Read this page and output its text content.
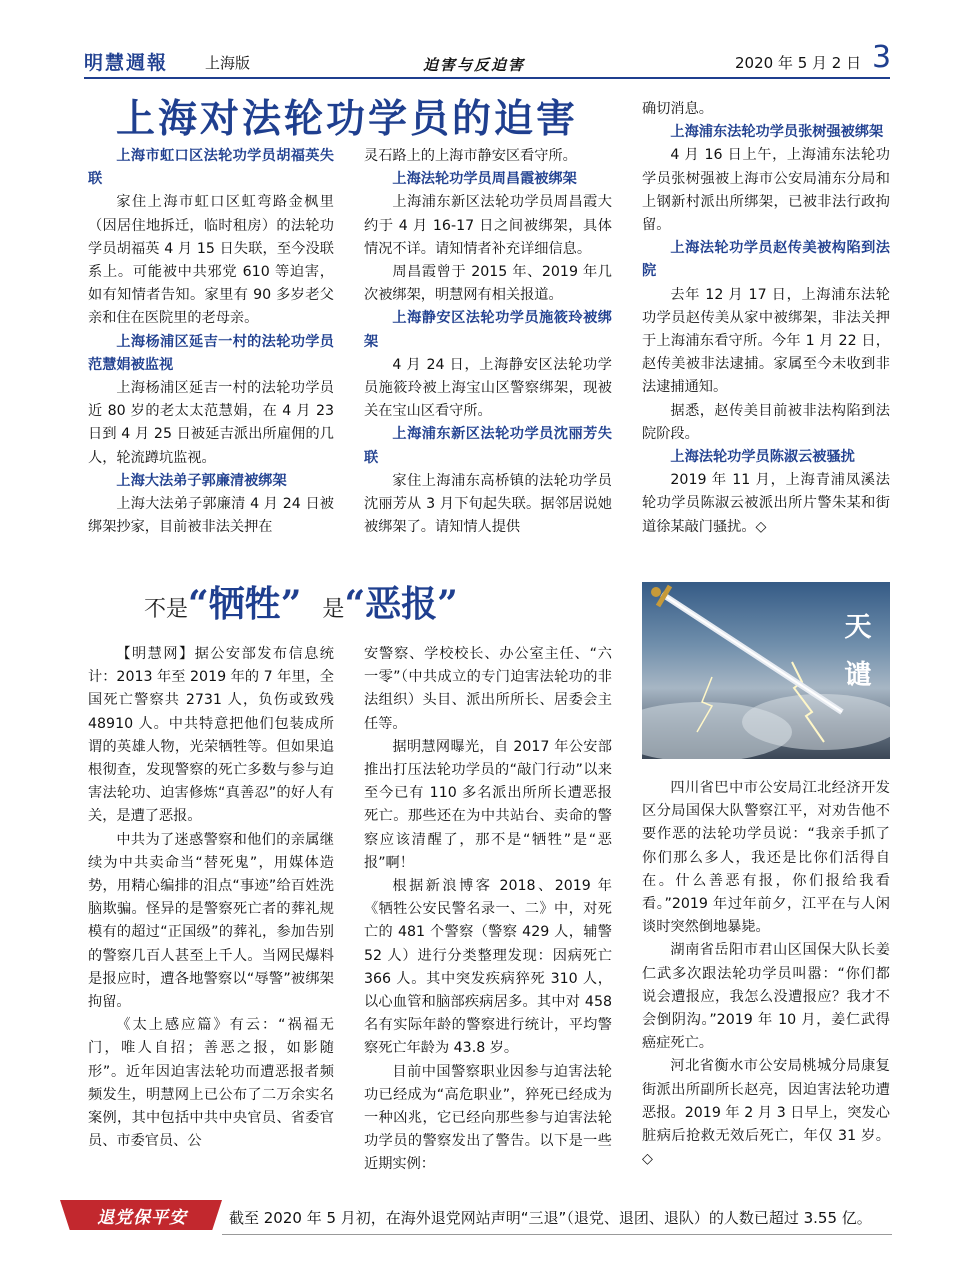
明慧週報 上海版	迫害与反迫害	2020 年 5 月 2 日 3
上海对法轮功学员的迫害

上海市虹口区法轮功学员胡福英失联

家住上海市虹口区虹弯路金枫里（因居住地拆迁，临时租房）的法轮功学员胡福英 4 月 15 日失联，至今没联系上。可能被中共邪党 610 等迫害，如有知情者告知。家里有 90 多岁老父亲和住在医院里的老母亲。

上海杨浦区延吉一村的法轮功学员范慧娟被监视

上海杨浦区延吉一村的法轮功学员近 80 岁的老太太范慧娟，在 4 月 23 日到 4 月 25 日被延吉派出所雇佣的几人，轮流蹲坑监视。

上海大法弟子郭廉清被绑架

上海大法弟子郭廉清 4 月 24 日被绑架抄家，目前被非法关押在

灵石路上的上海市静安区看守所。

上海法轮功学员周昌霞被绑架

上海浦东新区法轮功学员周昌霞大约于 4 月 16-17 日之间被绑架，具体情况不详。请知情者补充详细信息。

周昌霞曾于 2015 年、2019 年几次被绑架，明慧网有相关报道。

上海静安区法轮功学员施筱玲被绑架

4 月 24 日，上海静安区法轮功学员施筱玲被上海宝山区警察绑架，现被关在宝山区看守所。

上海浦东新区法轮功学员沈丽芳失联

家住上海浦东高桥镇的法轮功学员沈丽芳从 3 月下旬起失联。据邻居说她被绑架了。请知情人提供

确切消息。

上海浦东法轮功学员张树强被绑架

4 月 16 日上午，上海浦东法轮功学员张树强被上海市公安局浦东分局和上钢新村派出所绑架，已被非法行政拘留。

上海法轮功学员赵传美被构陷到法院

去年 12 月 17 日，上海浦东法轮功学员赵传美从家中被绑架，非法关押于上海浦东看守所。今年 1 月 22 日，赵传美被非法逮捕。家属至今未收到非法逮捕通知。

据悉，赵传美目前被非法构陷到法院阶段。

上海法轮功学员陈淑云被骚扰

2019 年 11 月，上海青浦凤溪法轮功学员陈淑云被派出所片警朱某和街道徐某敲门骚扰。◇

不是“牺牲” 是“恶报”

【明慧网】据公安部发布信息统计：2013 年至 2019 年的 7 年里，全国死亡警察共 2731 人，负伤或致残 48910 人。中共特意把他们包装成所谓的英雄人物，光荣牺牲等。但如果追根彻查，发现警察的死亡多数与参与迫害法轮功、迫害修炼“真善忍”的好人有关，是遭了恶报。

中共为了迷惑警察和他们的亲属继续为中共卖命当“替死鬼”，用媒体造势，用精心编排的泪点“事迹”给百姓洗脑欺骗。怪异的是警察死亡者的葬礼规模有的超过“正国级”的葬礼，参加告别的警察几百人甚至上千人。当网民爆料是报应时，遭各地警察以“辱警”被绑架拘留。

《太上感应篇》有云：“祸福无门，唯人自招；善恶之报，如影随形”。近年因迫害法轮功而遭恶报者频频发生，明慧网上已公布了二万余实名案例，其中包括中共中央官员、省委官员、市委官员、公

安警察、学校校长、办公室主任、“六一零”（中共成立的专门迫害法轮功的非法组织）头目、派出所所长、居委会主任等。

据明慧网曝光，自 2017 年公安部推出打压法轮功学员的“敲门行动”以来至今已有 110 多名派出所所长遭恶报死亡。那些还在为中共站台、卖命的警察应该清醒了，那不是“牺牲”是“恶报”啊！

根据新浪博客 2018、2019 年《牺牲公安民警名录一、二》中，对死亡的 481 个警察（警察 429 人，辅警 52 人）进行分类整理发现：因病死亡 366 人。其中突发疾病猝死 310 人，以心血管和脑部疾病居多。其中对 458 名有实际年龄的警察进行统计，平均警察死亡年龄为 43.8 岁。

目前中国警察职业因参与迫害法轮功已经成为“高危职业”，猝死已经成为一种凶兆，它已经向那些参与迫害法轮功学员的警察发出了警告。以下是一些近期实例：

天谴

四川省巴中市公安局江北经济开发区分局国保大队警察江平，对劝告他不要作恶的法轮功学员说：“我亲手抓了你们那么多人，我还是比你们活得自在。什么善恶有报，你们报给我看看。”2019 年过年前夕，江平在与人闲谈时突然倒地暴毙。

湖南省岳阳市君山区国保大队长姜仁武多次跟法轮功学员叫嚣：“你们都说会遭报应，我怎么没遭报应？我才不会倒阴沟。”2019 年 10 月，姜仁武得癌症死亡。

河北省衡水市公安局桃城分局康复街派出所副所长赵亮，因迫害法轮功遭恶报。2019 年 2 月 3 日早上，突发心脏病后抢救无效后死亡，年仅 31 岁。◇

退党保平安	截至 2020 年 5 月初，在海外退党网站声明“三退”（退党、退团、退队）的人数已超过 3.55 亿。
